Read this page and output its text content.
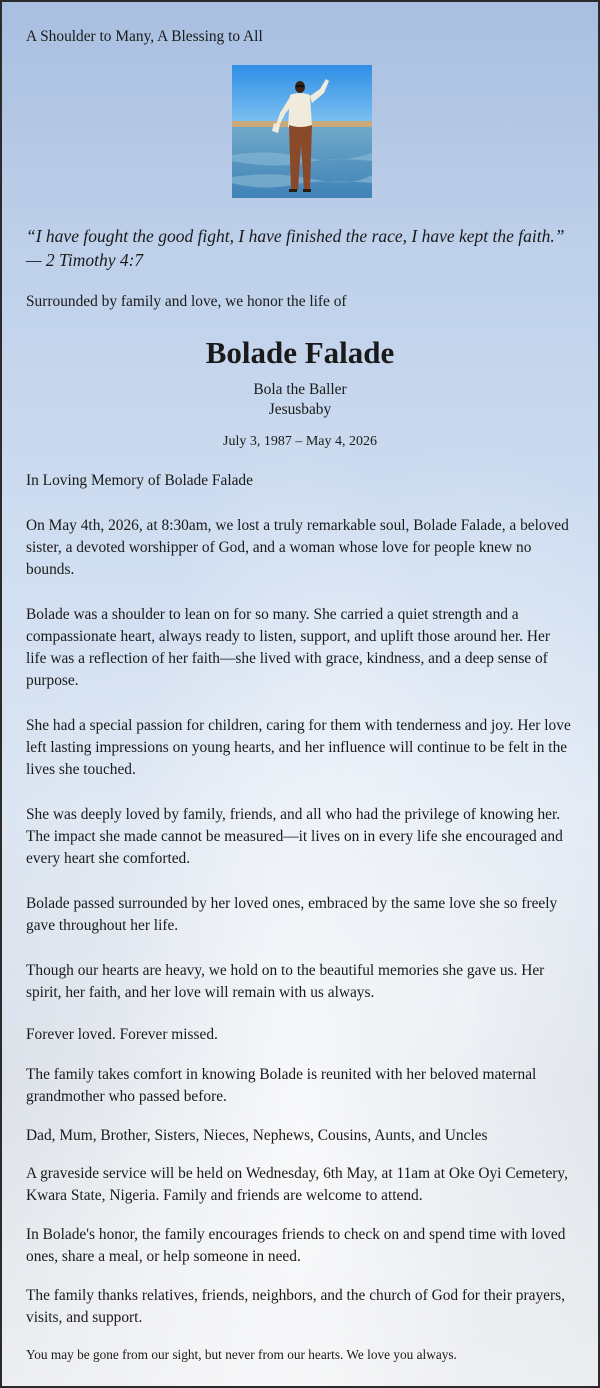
A Shoulder to Many, A Blessing to All

“I have fought the good fight, I have finished the race, I have kept the faith.”
— 2 Timothy 4:7

Surrounded by family and love, we honor the life of

Bolade Falade

Bola the Baller

Jesusbaby

July 3, 1987 – May 4, 2026

In Loving Memory of Bolade Falade

On May 4th, 2026, at 8:30am, we lost a truly remarkable soul, Bolade Falade, a beloved sister, a devoted worshipper of God, and a woman whose love for people knew no bounds.

Bolade was a shoulder to lean on for so many. She carried a quiet strength and a compassionate heart, always ready to listen, support, and uplift those around her. Her life was a reflection of her faith—she lived with grace, kindness, and a deep sense of purpose.

She had a special passion for children, caring for them with tenderness and joy. Her love left lasting impressions on young hearts, and her influence will continue to be felt in the lives she touched.

She was deeply loved by family, friends, and all who had the privilege of knowing her. The impact she made cannot be measured—it lives on in every life she encouraged and every heart she comforted.

Bolade passed surrounded by her loved ones, embraced by the same love she so freely gave throughout her life.

Though our hearts are heavy, we hold on to the beautiful memories she gave us. Her spirit, her faith, and her love will remain with us always.

Forever loved. Forever missed.

The family takes comfort in knowing Bolade is reunited with her beloved maternal grandmother who passed before.

Dad, Mum, Brother, Sisters, Nieces, Nephews, Cousins, Aunts, and Uncles

A graveside service will be held on Wednesday, 6th May, at 11am at Oke Oyi Cemetery, Kwara State, Nigeria. Family and friends are welcome to attend.

In Bolade's honor, the family encourages friends to check on and spend time with loved ones, share a meal, or help someone in need.

The family thanks relatives, friends, neighbors, and the church of God for their prayers, visits, and support.

You may be gone from our sight, but never from our hearts. We love you always.
